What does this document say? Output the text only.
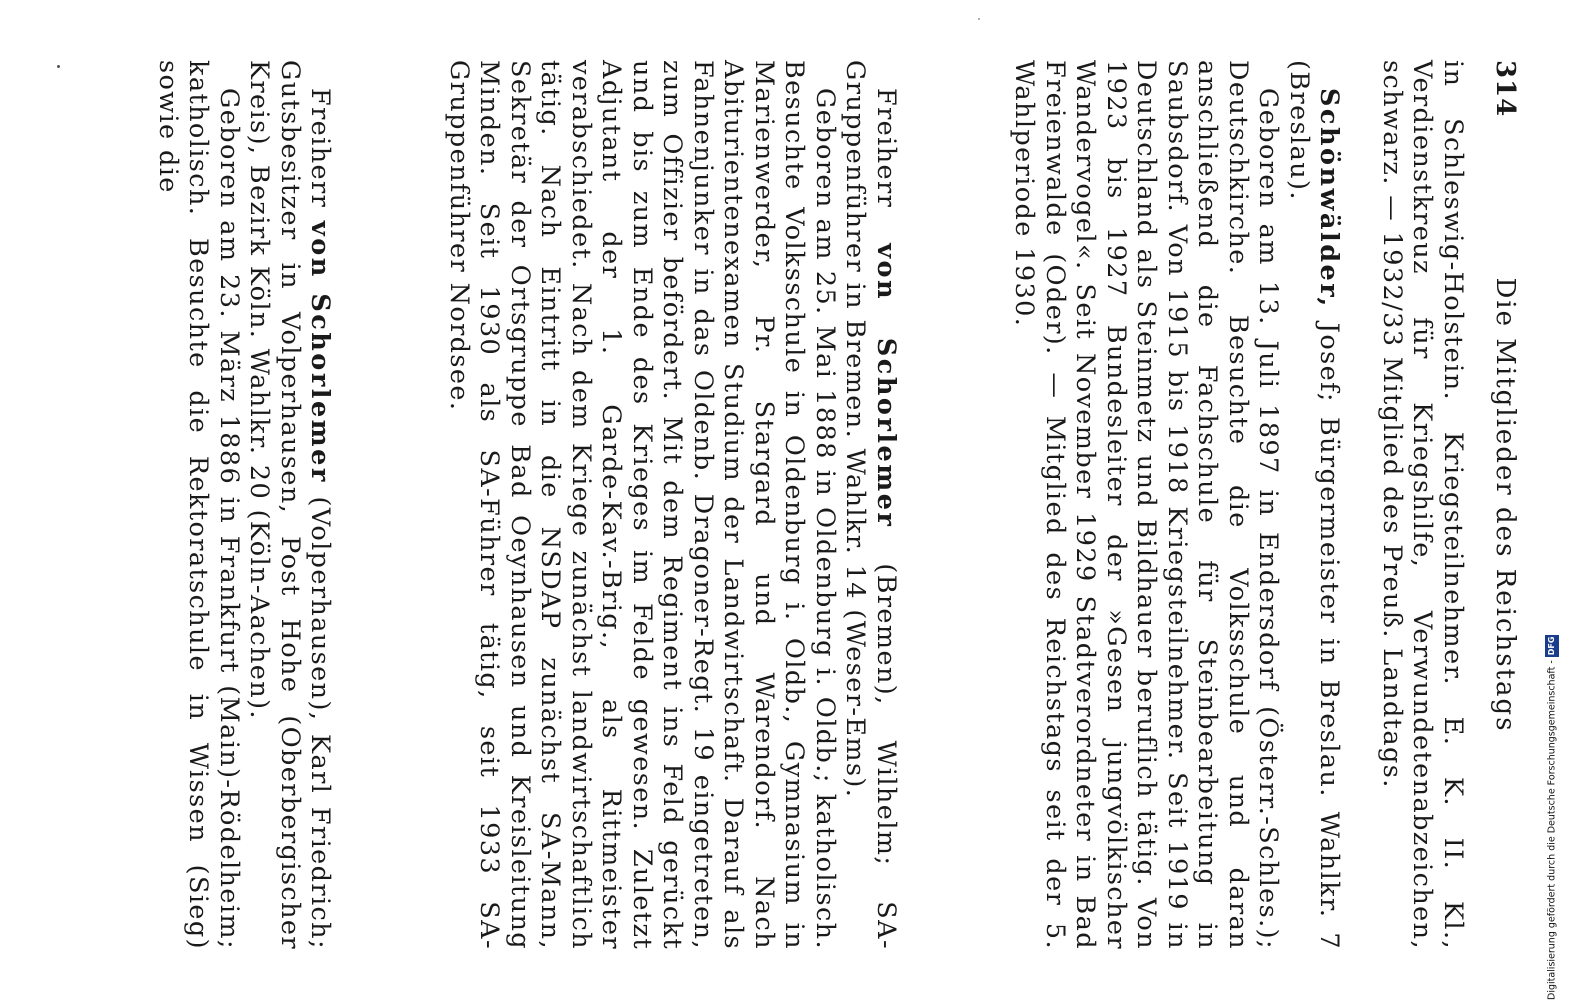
314
Die Mitglieder des Reichstags

in Schleswig-Holstein. Kriegsteilnehmer. E. K. II. Kl., Verdienstkreuz für Kriegshilfe, Verwundetenabzeichen, schwarz. — 1932/33 Mitglied des Preuß. Landtags.

Schönwälder, Josef; Bürgermeister in Breslau. Wahlkr. 7 (Breslau).

Geboren am 13. Juli 1897 in Endersdorf (Österr.-Schles.); Deutschkirche. Besuchte die Volksschule und daran anschließend die Fachschule für Steinbearbeitung in Saubsdorf. Von 1915 bis 1918 Kriegsteilnehmer. Seit 1919 in Deutschland als Steinmetz und Bildhauer beruflich tätig. Von 1923 bis 1927 Bundesleiter der »Gesen jungvölkischer Wandervogel«. Seit November 1929 Stadtverordneter in Bad Freienwalde (Oder). — Mitglied des Reichstags seit der 5. Wahlperiode 1930.

Freiherr von Schorlemer (Bremen), Wilhelm; SA-Gruppenführer in Bremen. Wahlkr. 14 (Weser-Ems).

Geboren am 25. Mai 1888 in Oldenburg i. Oldb.; katholisch. Besuchte Volksschule in Oldenburg i. Oldb., Gymnasium in Marienwerder, Pr. Stargard und Warendorf. Nach Abiturientenexamen Studium der Landwirtschaft. Darauf als Fahnenjunker in das Oldenb. Dragoner-Regt. 19 eingetreten, zum Offizier befördert. Mit dem Regiment ins Feld gerückt und bis zum Ende des Krieges im Felde gewesen. Zuletzt Adjutant der 1. Garde-Kav.-Brig., als Rittmeister verabschiedet. Nach dem Kriege zunächst landwirtschaftlich tätig. Nach Eintritt in die NSDAP zunächst SA-Mann, Sekretär der Ortsgruppe Bad Oeynhausen und Kreisleitung Minden. Seit 1930 als SA-Führer tätig, seit 1933 SA-Gruppenführer Nordsee.

Freiherr von Schorlemer (Volperhausen), Karl Friedrich; Gutsbesitzer in Volperhausen, Post Hohe (Oberbergischer Kreis), Bezirk Köln. Wahlkr. 20 (Köln-Aachen).

Geboren am 23. März 1886 in Frankfurt (Main)-Rödelheim; katholisch. Besuchte die Rektoratschule in Wissen (Sieg) sowie die

Digitalisierung gefördert durch die Deutsche Forschungsgemeinschaft -DFG
